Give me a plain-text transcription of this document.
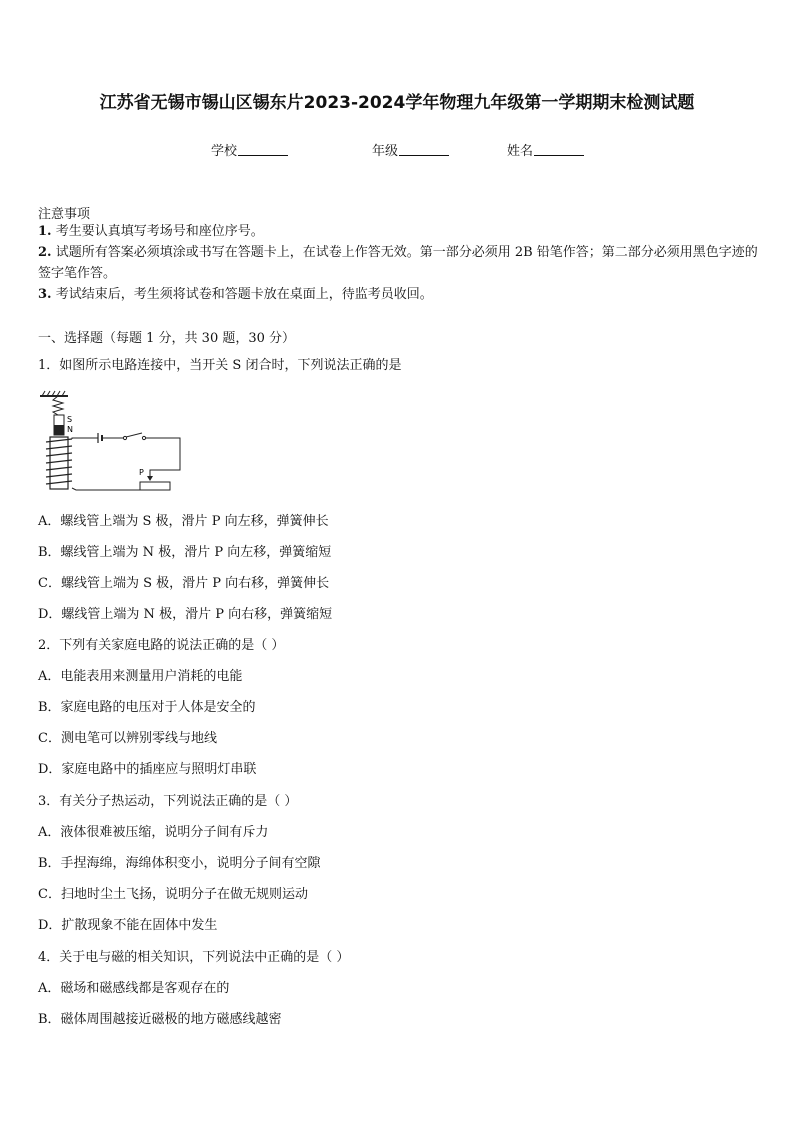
江苏省无锡市锡山区锡东片2023-2024学年物理九年级第一学期期末检测试题
学校	年级	姓名
注意事项
1. 考生要认真填写考场号和座位序号。
2. 试题所有答案必须填涂或书写在答题卡上，在试卷上作答无效。第一部分必须用 2B 铅笔作答；第二部分必须用黑色字迹的签字笔作答。
3. 考试结束后，考生须将试卷和答题卡放在桌面上，待监考员收回。
一、选择题（每题 1 分，共 30 题，30 分）
1．如图所示电路连接中，当开关 S 闭合时，下列说法正确的是
S
N
P
A．螺线管上端为 S 极，滑片 P 向左移，弹簧伸长
B．螺线管上端为 N 极，滑片 P 向左移，弹簧缩短
C．螺线管上端为 S 极，滑片 P 向右移，弹簧伸长
D．螺线管上端为 N 极，滑片 P 向右移，弹簧缩短
2．下列有关家庭电路的说法正确的是（ ）
A．电能表用来测量用户消耗的电能
B．家庭电路的电压对于人体是安全的
C．测电笔可以辨别零线与地线
D．家庭电路中的插座应与照明灯串联
3．有关分子热运动，下列说法正确的是（ ）
A．液体很难被压缩，说明分子间有斥力
B．手捏海绵，海绵体积变小，说明分子间有空隙
C．扫地时尘土飞扬，说明分子在做无规则运动
D．扩散现象不能在固体中发生
4．关于电与磁的相关知识，下列说法中正确的是（ ）
A．磁场和磁感线都是客观存在的
B．磁体周围越接近磁极的地方磁感线越密
